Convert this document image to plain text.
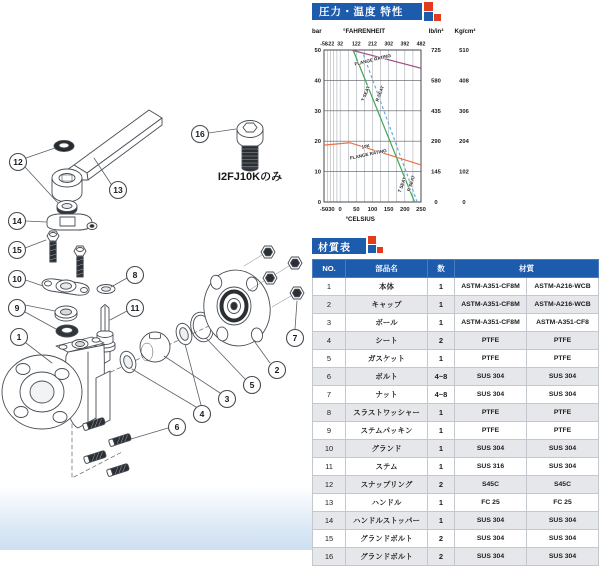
1
2
3
4
5
6
7
8
9
10
11
12
13
14
15
16
I2FJ10Kのみ
圧力・温度 特性
-50
-30 0 50 100 150 200 250
-58
-22 32 122 212 302 392 482
0
10
20
30
40
50
0
145
290
435
580
725
0
102
204
306
408
510
bar	°FAHRENHEIT	lb/in² Kg/cm²
°CELSIUS
FLANGE RATING
T SEAT R SEAT
10K
FLANGE RATING
T SEAT R SEAT
材質表
NO.	部品名	数	材質	
1	本体	1	ASTM-A351-CF8M	ASTM-A216-WCB
2	キャップ	1	ASTM-A351-CF8M	ASTM-A216-WCB
3	ボール	1	ASTM-A351-CF8M	ASTM-A351-CF8
4	シート	2	PTFE	PTFE
5	ガスケット	1	PTFE	PTFE
6	ボルト	4~8	SUS 304	SUS 304
7	ナット	4~8	SUS 304	SUS 304
8	スラストワッシャー	1	PTFE	PTFE
9	ステムパッキン	1	PTFE	PTFE
10	グランド	1	SUS 304	SUS 304
11	ステム	1	SUS 316	SUS 304
12	スナップリング	2	S45C	S45C
13	ハンドル	1	FC 25	FC 25
14	ハンドルストッパー	1	SUS 304	SUS 304
15	グランドボルト	2	SUS 304	SUS 304
16	グランドボルト	2	SUS 304	SUS 304
